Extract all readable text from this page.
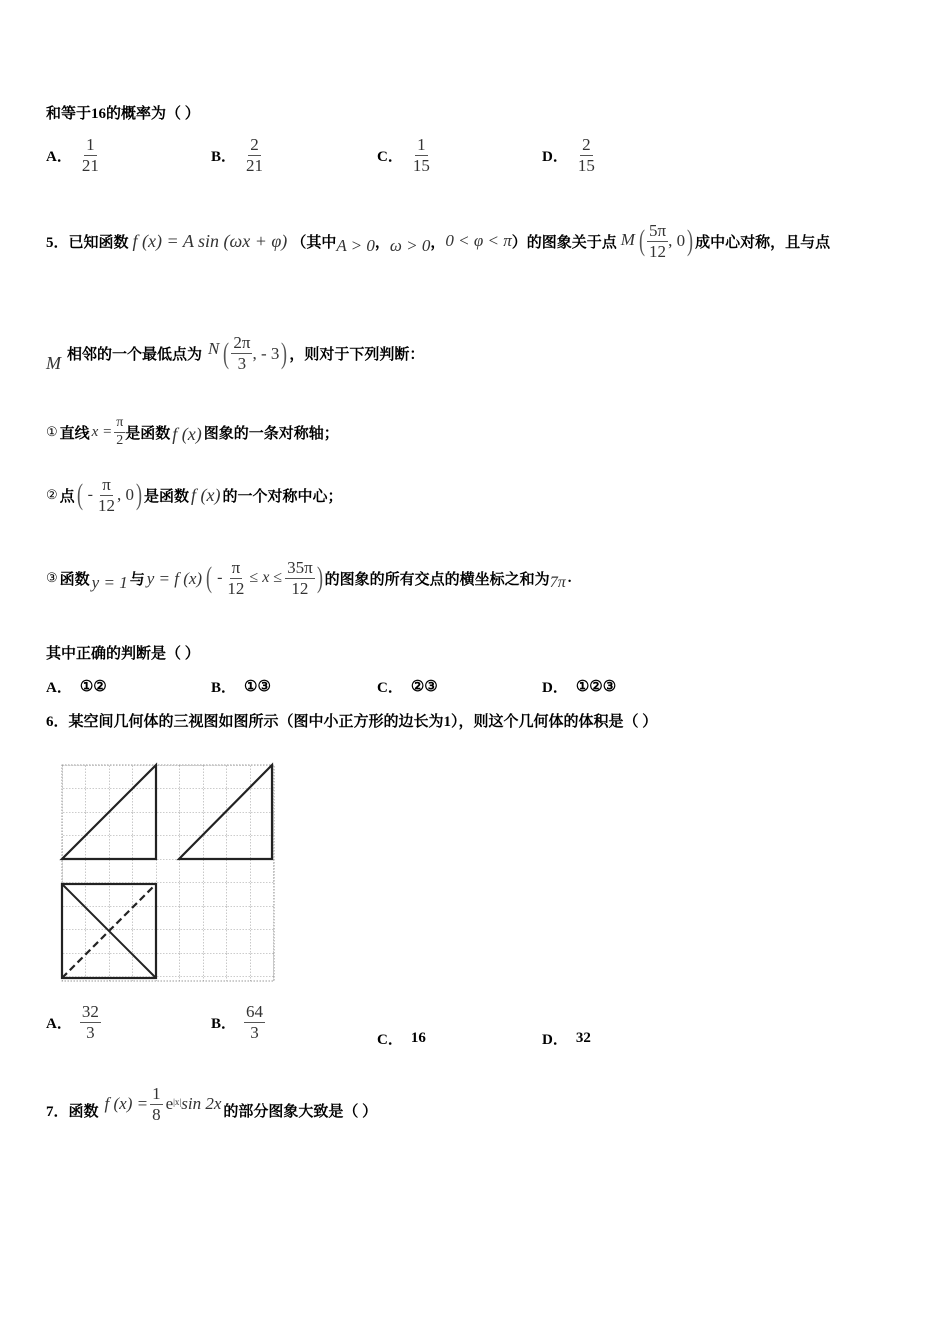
和等于16的概率为（ ）
A． $\frac{1}{21}$	B． $\frac{2}{21}$	C． $\frac{1}{15}$	D． $\frac{2}{15}$
5． 已知函数 f (x) = A sin (ωx + φ) （其中 A > 0 ， ω > 0 ， 0 < φ < π ）的图象关于点 M ( $\frac{5\pi}{12}$ , 0 ) 成中心对称，且与点
M 相邻的一个最低点为 N ( $\frac{2\pi}{3}$ , - 3 ) ，则对于下列判断：
① 直线 $x = \frac{\pi}{2}$ 是函数 f (x) 图象的一条对称轴；
② 点 ( - $\frac{\pi}{12}$ , 0 ) 是函数 f (x) 的一个对称中心；
③ 函数 y = 1 与 y = f (x) ( - $\frac{\pi}{12} \le x \le \frac{35\pi}{12}$ ) 的图象的所有交点的横坐标之和为 7π .
其中正确的判断是（ ）
A． ①②	B． ①③	C． ②③	D． ①②③
6．某空间几何体的三视图如图所示（图中小正方形的边长为1），则这个几何体的体积是（ ）
A． $\frac{32}{3}$	B． $\frac{64}{3}$	C． 16	D． 32
7．函数 f $(x) = \frac{1}{8}$ e |x| sin 2x 的部分图象大致是（ ）
